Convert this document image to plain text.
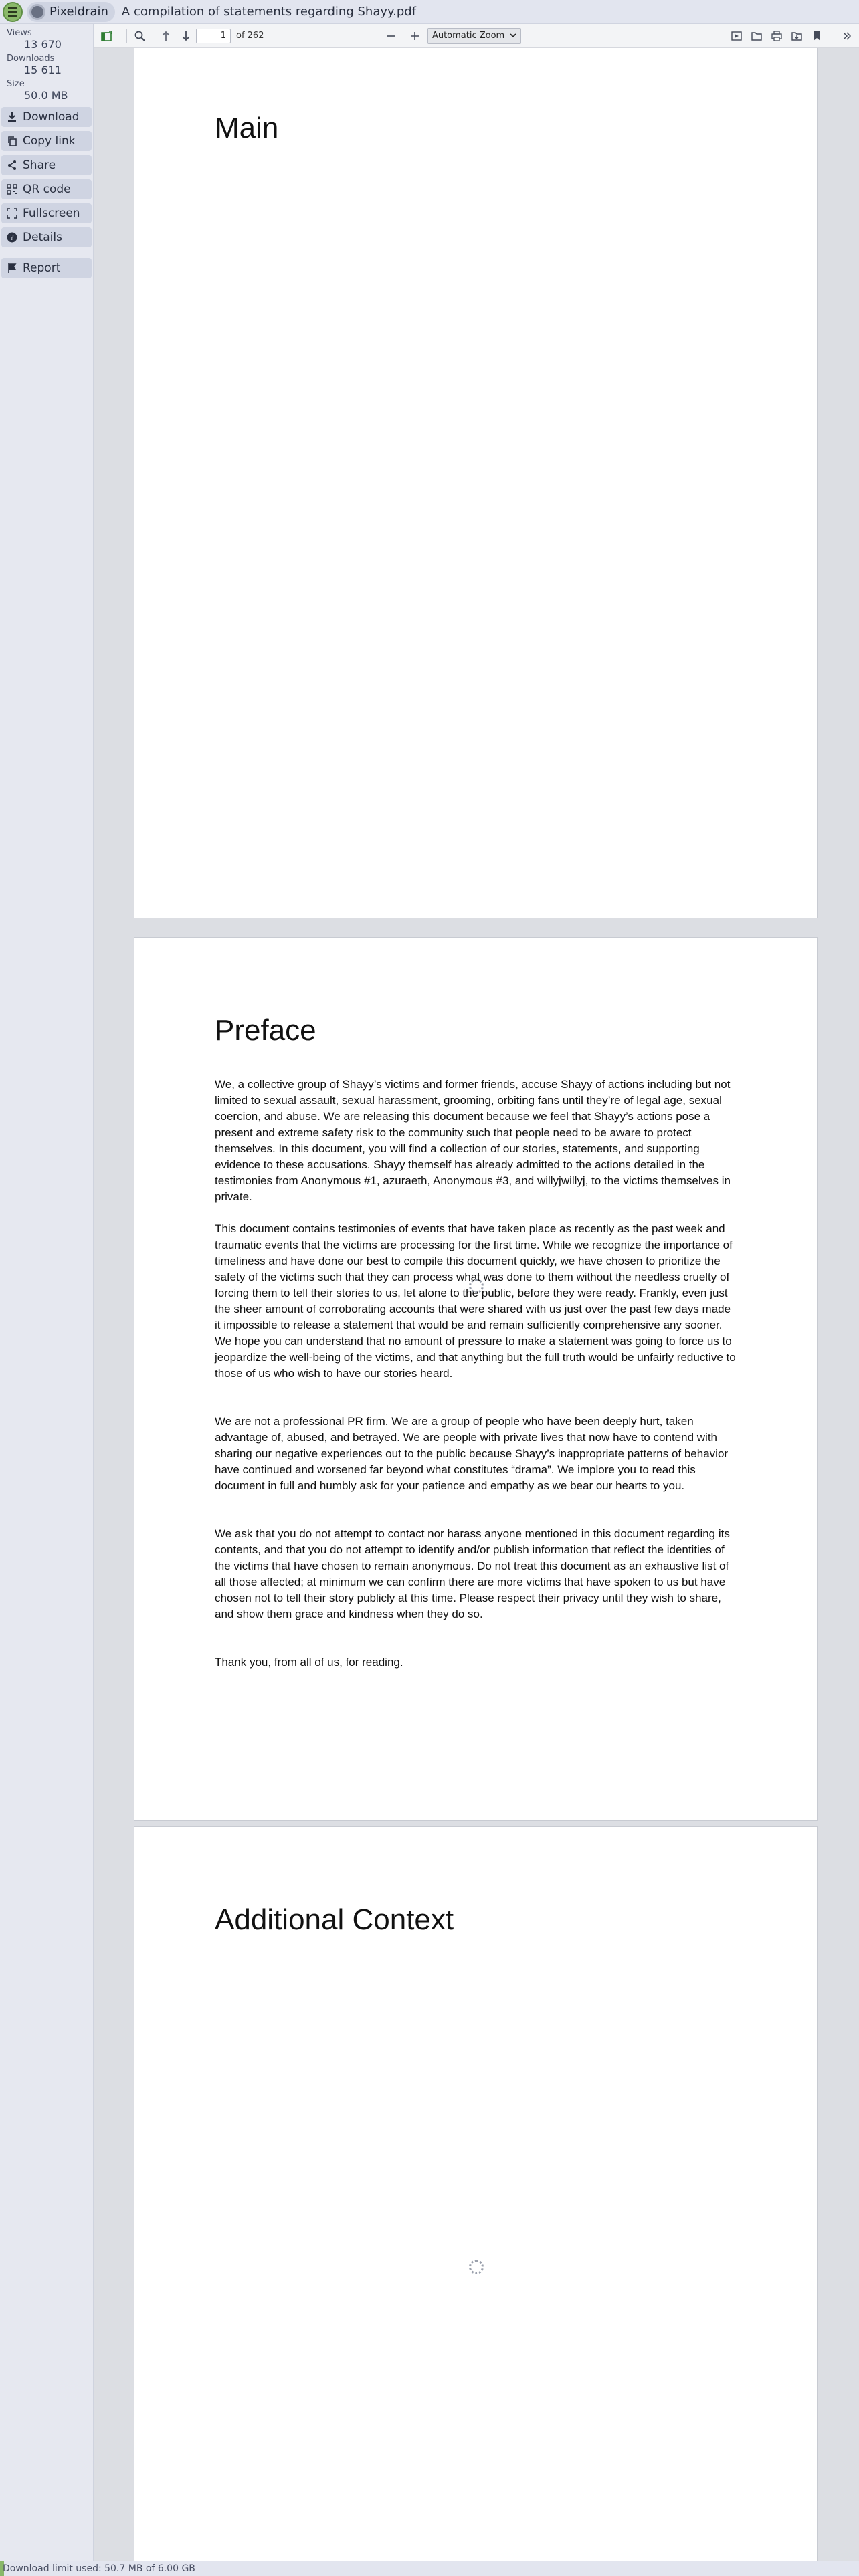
Pixeldrain A compilation of statements regarding Shayy.pdf
Views
13 670
Downloads
15 611
Size
50.0 MB
Download
Copy link
Share
QR code
Fullscreen
? Details
Report
1
of 262	Automatic Zoom
Main
Preface

We, a collective group of Shayy’s victims and former friends, accuse Shayy of actions including but not limited to sexual assault, sexual harassment, grooming, orbiting fans until they’re of legal age, sexual coercion, and abuse. We are releasing this document because we feel that Shayy’s actions pose a present and extreme safety risk to the community such that people need to be aware to protect themselves. In this document, you will find a collection of our stories, statements, and supporting evidence to these accusations. Shayy themself has already admitted to the actions detailed in the testimonies from Anonymous #1, azuraeth, Anonymous #3, and willyjwillyj, to the victims themselves in private.

This document contains testimonies of events that have taken place as recently as the past week and traumatic events that the victims are processing for the first time. While we recognize the importance of timeliness and have done our best to compile this document quickly, we have chosen to prioritize the safety of the victims such that they can process what was done to them without the needless cruelty of forcing them to tell their stories to us, let alone to the public, before they were ready. Frankly, even just the sheer amount of corroborating accounts that were shared with us just over the past few days made it impossible to release a statement that would be and remain sufficiently comprehensive any sooner. We hope you can understand that no amount of pressure to make a statement was going to force us to jeopardize the well-being of the victims, and that anything but the full truth would be unfairly reductive to those of us who wish to have our stories heard.

We are not a professional PR firm. We are a group of people who have been deeply hurt, taken advantage of, abused, and betrayed. We are people with private lives that now have to contend with sharing our negative experiences out to the public because Shayy’s inappropriate patterns of behavior have continued and worsened far beyond what constitutes “drama”. We implore you to read this document in full and humbly ask for your patience and empathy as we bear our hearts to you.

We ask that you do not attempt to contact nor harass anyone mentioned in this document regarding its contents, and that you do not attempt to identify and/or publish information that reflect the identities of the victims that have chosen to remain anonymous. Do not treat this document as an exhaustive list of all those affected; at minimum we can confirm there are more victims that have spoken to us but have chosen not to tell their story publicly at this time. Please respect their privacy until they wish to share, and show them grace and kindness when they do so.

Thank you, from all of us, for reading.

Additional Context
Download limit used: 50.7 MB of 6.00 GB
